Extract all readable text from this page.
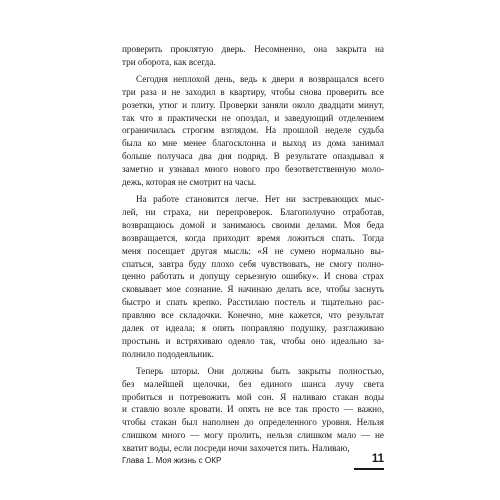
проверить проклятую дверь. Несомненно, она закрыта на
три оборота, как всегда.

Сегодня неплохой день, ведь к двери я возвращался всего
три раза и не заходил в квартиру, чтобы снова проверить все
розетки, утюг и плиту. Проверки заняли около двадцати минут,
так что я практически не опоздал, и заведующий отделением
ограничилась строгим взглядом. На прошлой неделе судьба
была ко мне менее благосклонна и выход из дома занимал
больше получаса два дня подряд. В результате опаздывал я
заметно и узнавал много нового про безответственную моло-
дежь, которая не смотрит на часы.

На работе становится легче. Нет ни застревающих мыс-
лей, ни страха, ни перепроверок. Благополучно отработав,
возвращаюсь домой и занимаюсь своими делами. Моя беда
возвращается, когда приходит время ложиться спать. Тогда
меня посещает другая мысль: «Я не сумею нормально вы-
спаться, завтра буду плохо себя чувствовать, не смогу полно-
ценно работать и допущу серьезную ошибку». И снова страх
сковывает мое сознание. Я начинаю делать все, чтобы заснуть
быстро и спать крепко. Расстилаю постель и тщательно рас-
правляю все складочки. Конечно, мне кажется, что результат
далек от идеала; я опять поправляю подушку, разглаживаю
простынь и встряхиваю одеяло так, чтобы оно идеально за-
полнило пододеяльник.

Теперь шторы. Они должны быть закрыты полностью,
без малейшей щелочки, без единого шанса лучу света
пробиться и потревожить мой сон. Я наливаю стакан воды
и ставлю возле кровати. И опять не все так просто — важно,
чтобы стакан был наполнен до определенного уровня. Нельзя
слишком много — могу пролить, нельзя слишком мало — не
хватит воды, если посреди ночи захочется пить. Наливаю,

Глава 1. Моя жизнь с ОКР	11
